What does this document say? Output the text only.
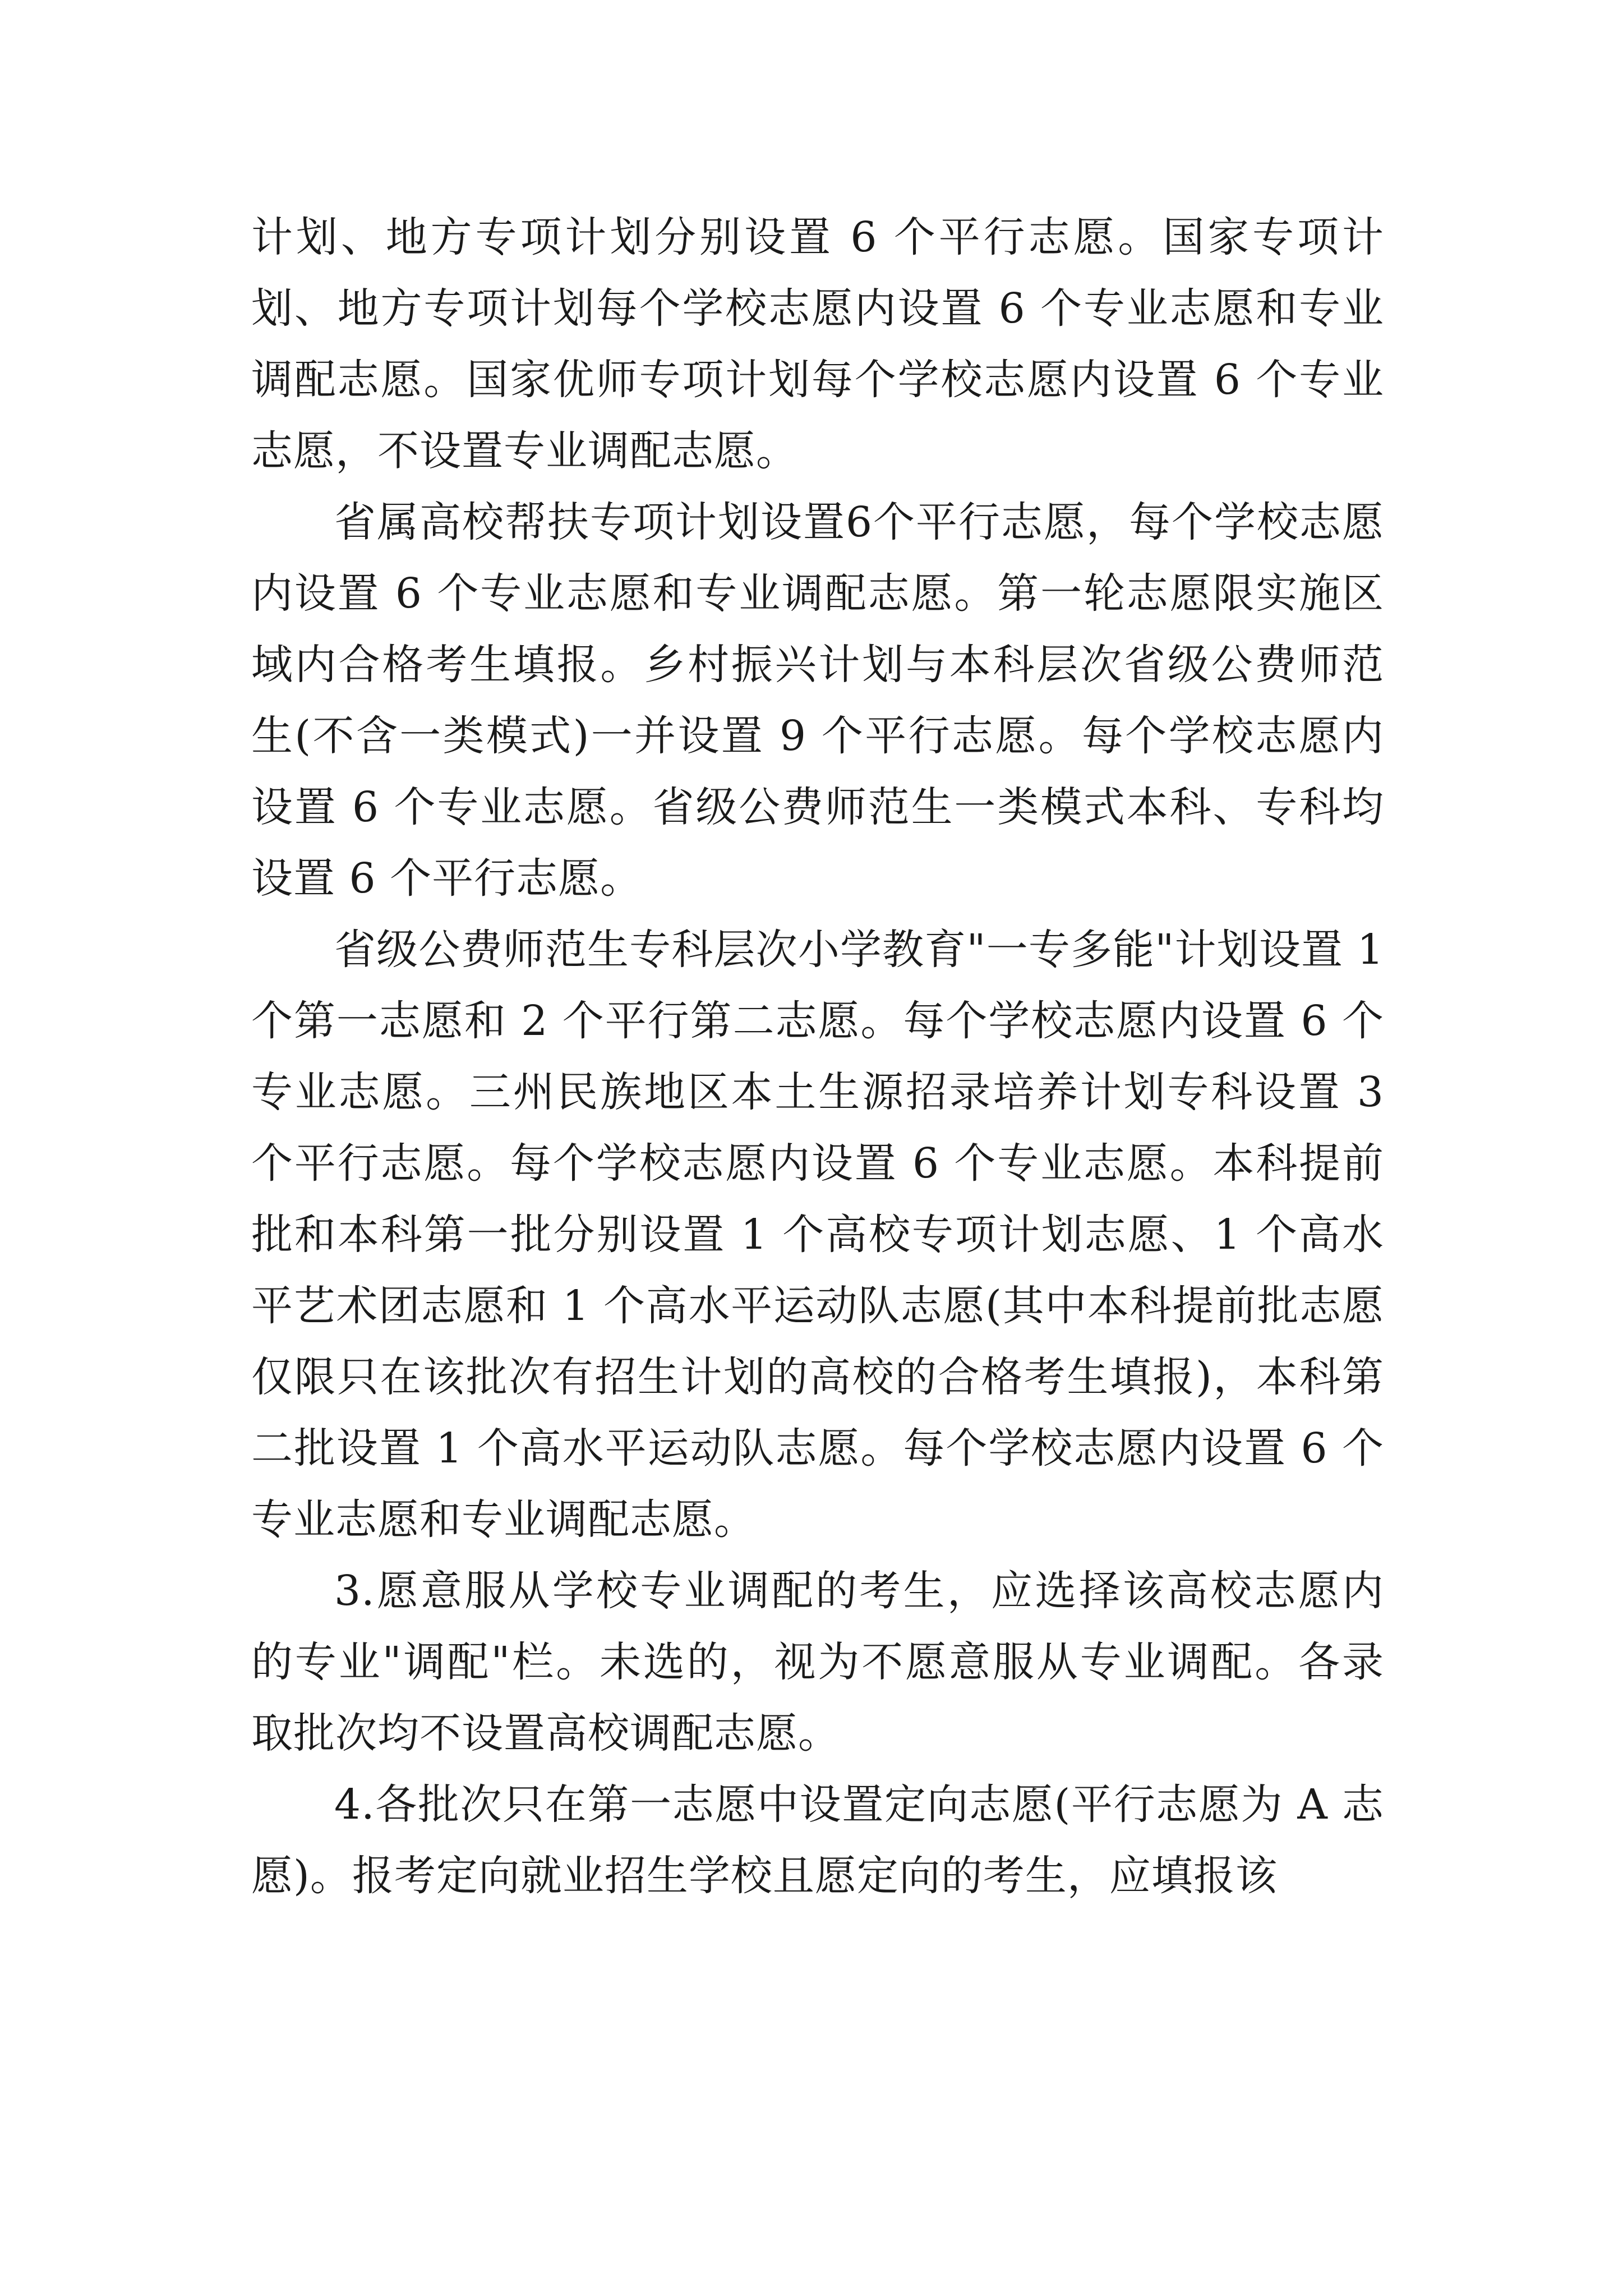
计划、地方专项计划分别设置 6 个平行志愿。国家专项计划、地方专项计划每个学校志愿内设置 6 个专业志愿和专业调配志愿。国家优师专项计划每个学校志愿内设置 6 个专业志愿，不设置专业调配志愿。

省属高校帮扶专项计划设置6个平行志愿，每个学校志愿内设置 6 个专业志愿和专业调配志愿。第一轮志愿限实施区域内合格考生填报。乡村振兴计划与本科层次省级公费师范生(不含一类模式)一并设置 9 个平行志愿。每个学校志愿内设置 6 个专业志愿。省级公费师范生一类模式本科、专科均设置 6 个平行志愿。

省级公费师范生专科层次小学教育"一专多能"计划设置 1 个第一志愿和 2 个平行第二志愿。每个学校志愿内设置 6 个专业志愿。三州民族地区本土生源招录培养计划专科设置 3 个平行志愿。每个学校志愿内设置 6 个专业志愿。本科提前批和本科第一批分别设置 1 个高校专项计划志愿、1 个高水平艺术团志愿和 1 个高水平运动队志愿(其中本科提前批志愿仅限只在该批次有招生计划的高校的合格考生填报)，本科第二批设置 1 个高水平运动队志愿。每个学校志愿内设置 6 个专业志愿和专业调配志愿。

3.愿意服从学校专业调配的考生，应选择该高校志愿内的专业"调配"栏。未选的，视为不愿意服从专业调配。各录取批次均不设置高校调配志愿。

4.各批次只在第一志愿中设置定向志愿(平行志愿为 A 志愿)。报考定向就业招生学校且愿定向的考生，应填报该
